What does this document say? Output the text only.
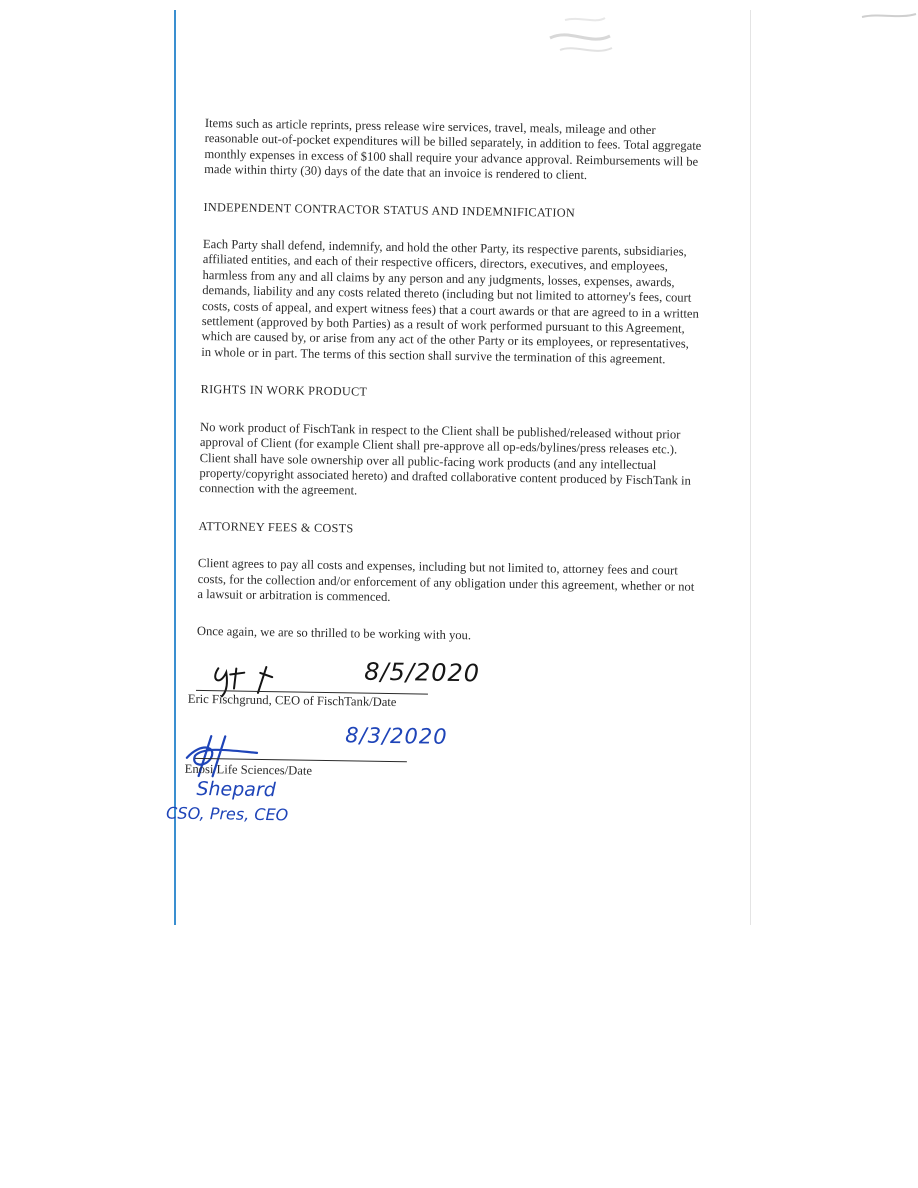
Items such as article reprints, press release wire services, travel, meals, mileage and other reasonable out-of-pocket expenditures will be billed separately, in addition to fees. Total aggregate monthly expenses in excess of $100 shall require your advance approval. Reimbursements will be made within thirty (30) days of the date that an invoice is rendered to client.

INDEPENDENT CONTRACTOR STATUS AND INDEMNIFICATION

Each Party shall defend, indemnify, and hold the other Party, its respective parents, subsidiaries, affiliated entities, and each of their respective officers, directors, executives, and employees, harmless from any and all claims by any person and any judgments, losses, expenses, awards, demands, liability and any costs related thereto (including but not limited to attorney's fees, court costs, costs of appeal, and expert witness fees) that a court awards or that are agreed to in a written settlement (approved by both Parties) as a result of work performed pursuant to this Agreement, which are caused by, or arise from any act of the other Party or its employees, or representatives, in whole or in part. The terms of this section shall survive the termination of this agreement.

RIGHTS IN WORK PRODUCT

No work product of FischTank in respect to the Client shall be published/released without prior approval of Client (for example Client shall pre-approve all op-eds/bylines/press releases etc.). Client shall have sole ownership over all public-facing work products (and any intellectual property/copyright associated hereto) and drafted collaborative content produced by FischTank in connection with the agreement.

ATTORNEY FEES & COSTS

Client agrees to pay all costs and expenses, including but not limited to, attorney fees and court costs, for the collection and/or enforcement of any obligation under this agreement, whether or not a lawsuit or arbitration is commenced.

Once again, we are so thrilled to be working with you.

8/5/2020
Eric Fischgrund, CEO of FischTank/Date
8/3/2020
Enosi Life Sciences/Date
Shepard
CSO, Pres, CEO
